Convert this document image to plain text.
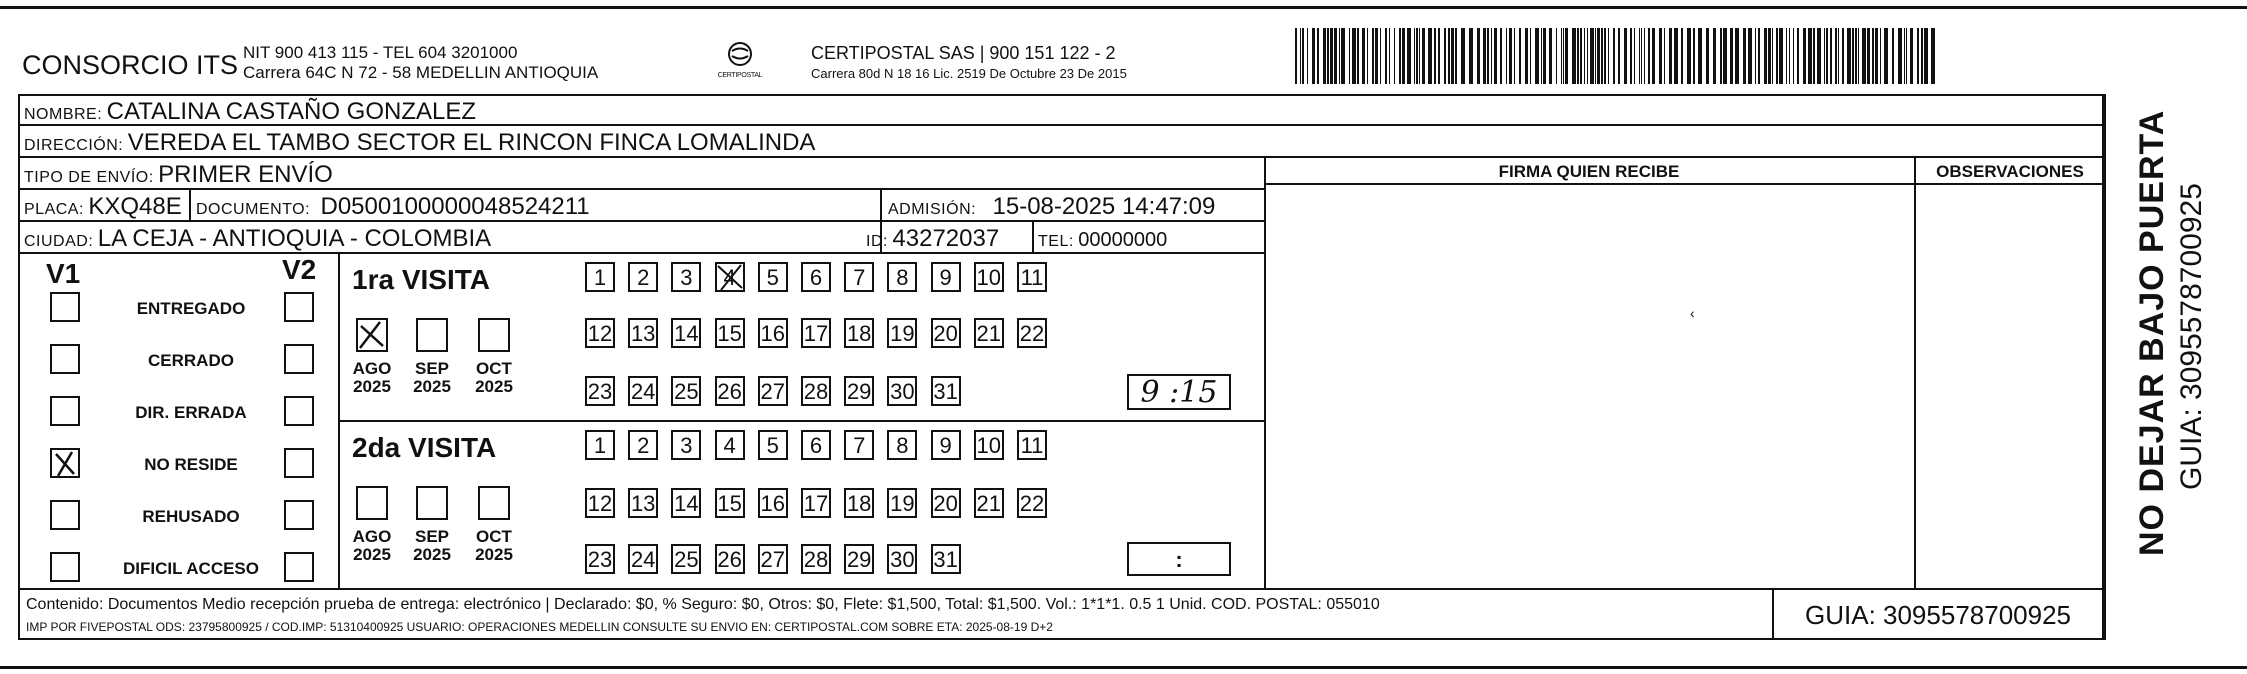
CONSORCIO ITS NIT 900 413 115 - TEL 604 3201000
Carrera 64C N 72 - 58 MEDELLIN ANTIOQUIA	CERTIPOSTAL
CERTIPOSTAL SAS | 900 151 122 - 2
Carrera 80d N 18 16 Lic. 2519 De Octubre 23 De 2015
NOMBRE: CATALINA CASTAÑO GONZALEZ
DIRECCIÓN: VEREDA EL TAMBO SECTOR EL RINCON FINCA LOMALINDA
TIPO DE ENVÍO: PRIMER ENVÍO
PLACA: KXQ48E DOCUMENTO: D0500100000048524211	ADMISIÓN: 15-08-2025 14:47:09
CIUDAD: LA CEJA - ANTIOQUIA - COLOMBIA	ID: 43272037 TEL: 00000000
FIRMA QUIEN RECIBE	OBSERVACIONES
‹
V1	V2
ENTREGADO
CERRADO
DIR. ERRADA
NO RESIDE
REHUSADO
DIFICIL ACCESO
1ra VISITA
2da VISITA
AGO
2025
SEP
2025
OCT
2025
AGO
2025
SEP
2025
OCT
2025
1	2	3	4	5	6	7	8	9	10 11
12 13 14 15 16 17 18 19 20 21 22
23 24 25 26 27 28 29 30 31
1	2	3	4	5	6	7	8	9	10 11
12 13 14 15 16 17 18 19 20 21 22
23 24 25 26 27 28 29 30 31
9 :15
:
Contenido: Documentos Medio recepción prueba de entrega: electrónico | Declarado: $0, % Seguro: $0, Otros: $0, Flete: $1,500, Total: $1,500. Vol.: 1*1*1. 0.5 1 Unid. COD. POSTAL: 055010
IMP POR FIVEPOSTAL ODS: 23795800925 / COD.IMP: 51310400925 USUARIO: OPERACIONES MEDELLIN CONSULTE SU ENVIO EN: CERTIPOSTAL.COM SOBRE ETA: 2025-08-19 D+2	GUIA: 3095578700925
NO DEJAR BAJO PUERTA GUIA: 3095578700925
